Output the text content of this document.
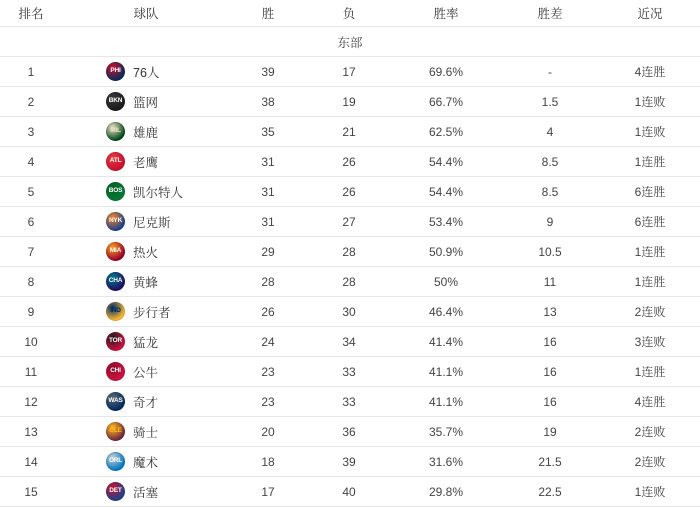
排名	球队	胜	负	胜率	胜差	近况
东部						
1	PHI 76人	39	17	69.6%	-	4连胜
2	BKN 篮网	38	19	66.7%	1.5	1连败
3	MIL 雄鹿	35	21	62.5%	4	1连败
4	ATL 老鹰	31	26	54.4%	8.5	1连胜
5	BOS 凯尔特人	31	26	54.4%	8.5	6连胜
6	NYK 尼克斯	31	27	53.4%	9	6连胜
7	MIA 热火	29	28	50.9%	10.5	1连胜
8	CHA 黄蜂	28	28	50%	11	1连胜
9	IND 步行者	26	30	46.4%	13	2连败
10	TOR 猛龙	24	34	41.4%	16	3连败
11	CHI 公牛	23	33	41.1%	16	1连胜
12	WAS 奇才	23	33	41.1%	16	4连胜
13	CLE 骑士	20	36	35.7%	19	2连败
14	ORL 魔术	18	39	31.6%	21.5	2连败
15	DET 活塞	17	40	29.8%	22.5	1连败
